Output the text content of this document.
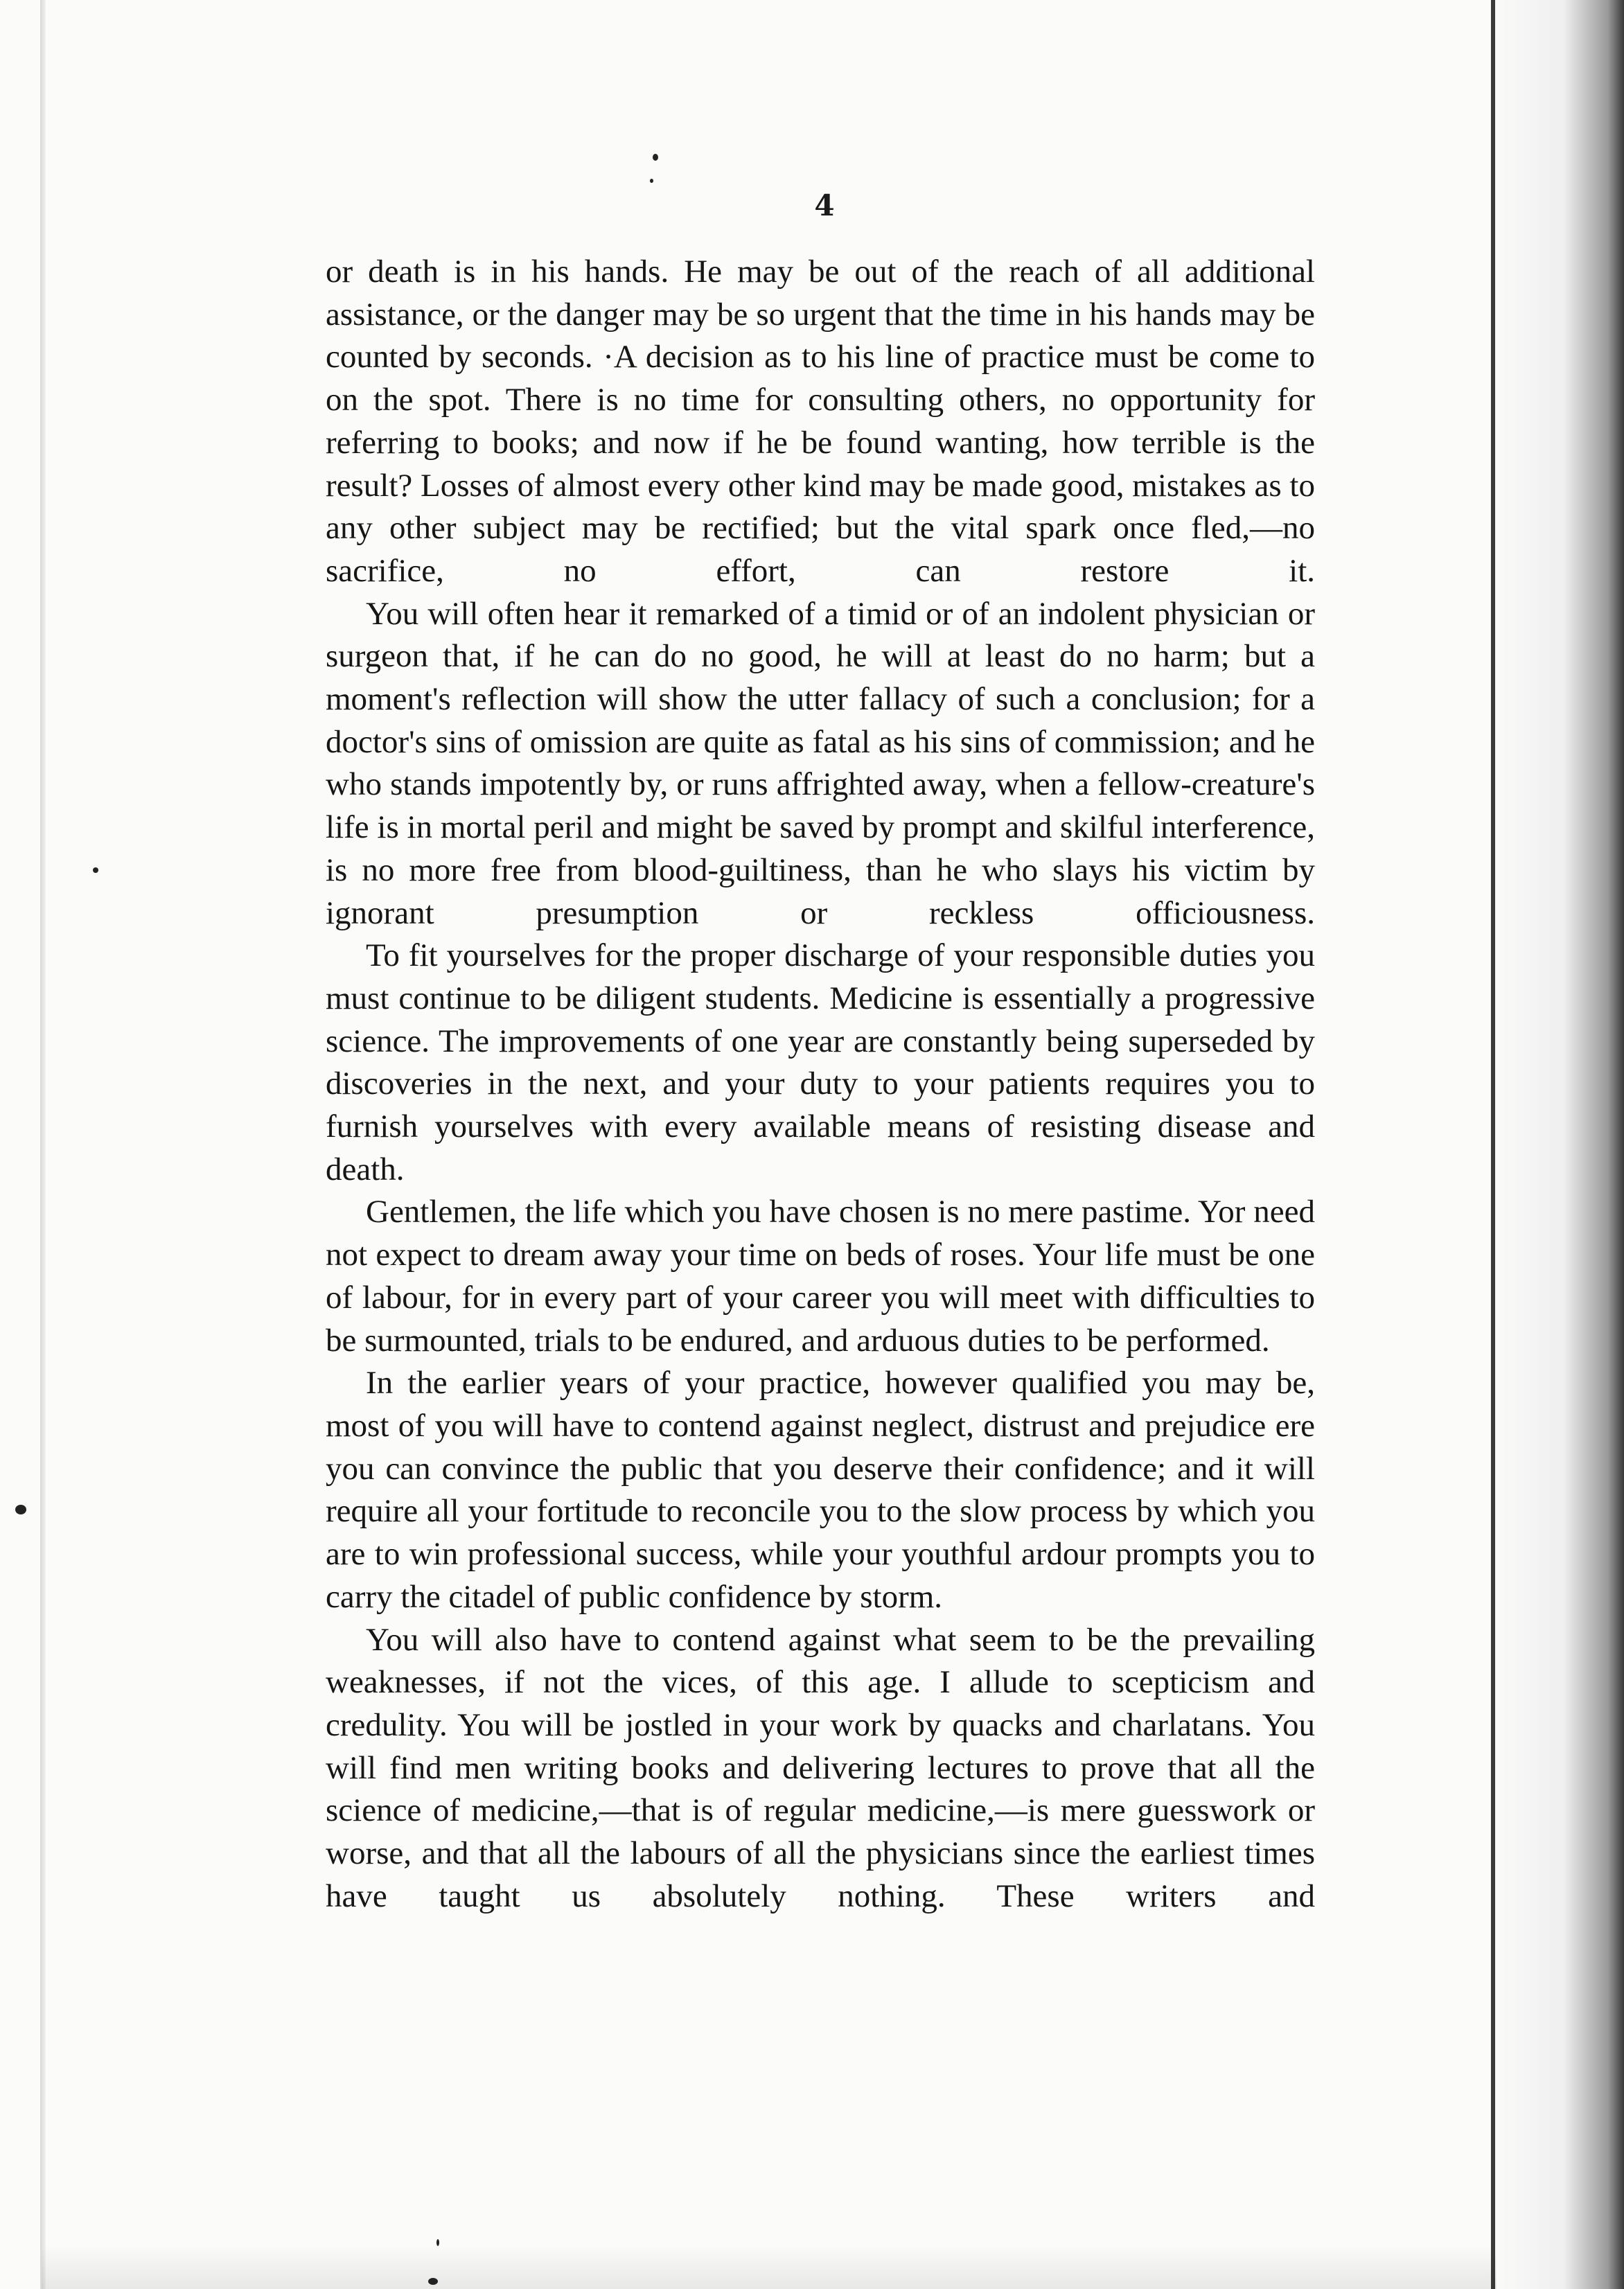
4

or death is in his hands. He may be out of the reach of all additional assistance, or the danger may be so urgent that the time in his hands may be counted by seconds. ·A decision as to his line of practice must be come to on the spot. There is no time for consulting others, no opportunity for referring to books; and now if he be found wanting, how terrible is the result? Losses of almost every other kind may be made good, mistakes as to any other subject may be rectified; but the vital spark once fled,—no sacrifice, no effort, can restore it.

You will often hear it remarked of a timid or of an indolent physician or surgeon that, if he can do no good, he will at least do no harm; but a moment's reflection will show the utter fallacy of such a conclusion; for a doctor's sins of omission are quite as fatal as his sins of commission; and he who stands impotently by, or runs affrighted away, when a fellow-creature's life is in mortal peril and might be saved by prompt and skilful interference, is no more free from blood-guiltiness, than he who slays his victim by ignorant presumption or reckless officiousness.

To fit yourselves for the proper discharge of your responsible duties you must continue to be diligent students. Medicine is essentially a progressive science. The improvements of one year are constantly being superseded by discoveries in the next, and your duty to your patients requires you to furnish yourselves with every available means of resisting disease and death.

Gentlemen, the life which you have chosen is no mere pastime. Yor need not expect to dream away your time on beds of roses. Your life must be one of labour, for in every part of your career you will meet with difficulties to be surmounted, trials to be endured, and arduous duties to be performed.

In the earlier years of your practice, however qualified you may be, most of you will have to contend against neglect, distrust and prejudice ere you can convince the public that you deserve their confidence; and it will require all your fortitude to reconcile you to the slow process by which you are to win professional success, while your youthful ardour prompts you to carry the citadel of public confidence by storm.

You will also have to contend against what seem to be the prevailing weaknesses, if not the vices, of this age. I allude to scepticism and credulity. You will be jostled in your work by quacks and charlatans. You will find men writing books and delivering lectures to prove that all the science of medicine,—that is of regular medicine,—is mere guesswork or worse, and that all the labours of all the physicians since the earliest times have taught us absolutely nothing. These writers and
